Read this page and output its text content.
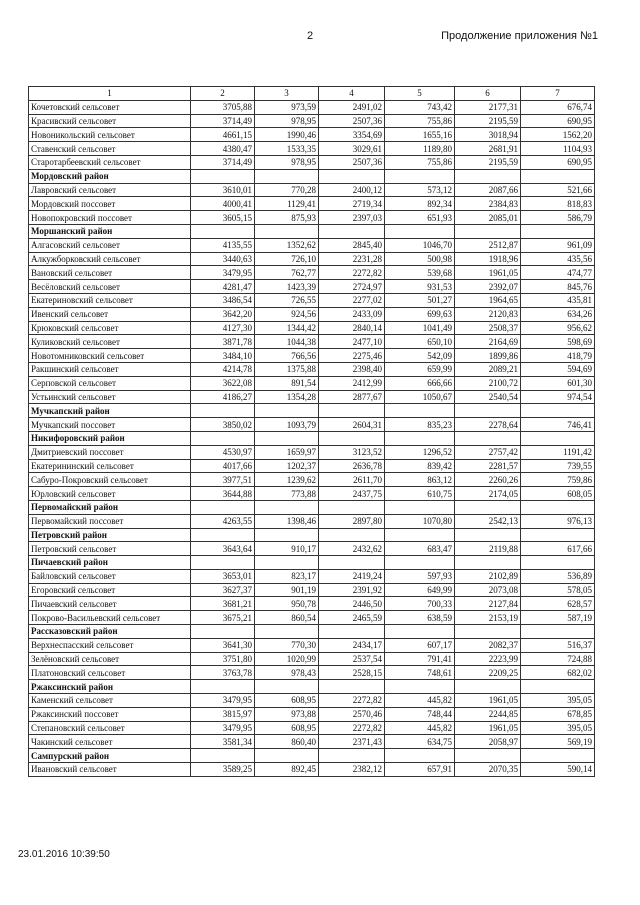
2	Продолжение приложения №1
1	2	3	4	5	6	7
Кочетовский сельсовет	3705,88	973,59	2491,02	743,42	2177,31	676,74
Красивский сельсовет	3714,49	978,95	2507,36	755,86	2195,59	690,95
Новоникольский сельсовет	4661,15	1990,46	3354,69	1655,16	3018,94	1562,20
Ставенский сельсовет	4380,47	1533,35	3029,61	1189,80	2681,91	1104,93
Старотарбеевский сельсовет	3714,49	978,95	2507,36	755,86	2195,59	690,95
Мордовский район						
Лавровский сельсовет	3610,01	770,28	2400,12	573,12	2087,66	521,66
Мордовский поссовет	4000,41	1129,41	2719,34	892,34	2384,83	818,83
Новопокровский поссовет	3605,15	875,93	2397,03	651,93	2085,01	586,79
Моршанский район						
Алгасовский сельсовет	4135,55	1352,62	2845,40	1046,70	2512,87	961,09
Алкужборковский сельсовет	3440,63	726,10	2231,28	500,98	1918,96	435,56
Вановский сельсовет	3479,95	762,77	2272,82	539,68	1961,05	474,77
Весёловский сельсовет	4281,47	1423,39	2724,97	931,53	2392,07	845,76
Екатериновский сельсовет	3486,54	726,55	2277,02	501,27	1964,65	435,81
Ивенский сельсовет	3642,20	924,56	2433,09	699,63	2120,83	634,26
Крюковский сельсовет	4127,30	1344,42	2840,14	1041,49	2508,37	956,62
Куликовский сельсовет	3871,78	1044,38	2477,10	650,10	2164,69	598,69
Новотомниковский сельсовет	3484,10	766,56	2275,46	542,09	1899,86	418,79
Ракшинский сельсовет	4214,78	1375,88	2398,40	659,99	2089,21	594,69
Серповской сельсовет	3622,08	891,54	2412,99	666,66	2100,72	601,30
Устьинский сельсовет	4186,27	1354,28	2877,67	1050,67	2540,54	974,54
Мучкапский район						
Мучкапский поссовет	3850,02	1093,79	2604,31	835,23	2278,64	746,41
Никифоровский район						
Дмитриевский поссовет	4530,97	1659,97	3123,52	1296,52	2757,42	1191,42
Екатерининский сельсовет	4017,66	1202,37	2636,78	839,42	2281,57	739,55
Сабуро-Покровский сельсовет	3977,51	1239,62	2611,70	863,12	2260,26	759,86
Юрловский сельсовет	3644,88	773,88	2437,75	610,75	2174,05	608,05
Первомайский район						
Первомайский поссовет	4263,55	1398,46	2897,80	1070,80	2542,13	976,13
Петровский район						
Петровский сельсовет	3643,64	910,17	2432,62	683,47	2119,88	617,66
Пичаевский район						
Байловский сельсовет	3653,01	823,17	2419,24	597,93	2102,89	536,89
Егоровский сельсовет	3627,37	901,19	2391,92	649,99	2073,08	578,05
Пичаевский сельсовет	3681,21	950,78	2446,50	700,33	2127,84	628,57
Покрово-Васильевский сельсовет	3675,21	860,54	2465,59	638,59	2153,19	587,19
Рассказовский район						
Верхнеспасский сельсовет	3641,30	770,30	2434,17	607,17	2082,37	516,37
Зелёновский сельсовет	3751,80	1020,99	2537,54	791,41	2223,99	724,88
Платоновский сельсовет	3763,78	978,43	2528,15	748,61	2209,25	682,02
Ржаксинский район						
Каменский сельсовет	3479,95	608,95	2272,82	445,82	1961,05	395,05
Ржаксинский поссовет	3815,97	973,88	2570,46	748,44	2244,85	678,85
Степановский сельсовет	3479,95	608,95	2272,82	445,82	1961,05	395,05
Чакинский сельсовет	3581,34	860,40	2371,43	634,75	2058,97	569,19
Сампурский район						
Ивановский сельсовет	3589,25	892,45	2382,12	657,91	2070,35	590,14
23.01.2016 10:39:50
